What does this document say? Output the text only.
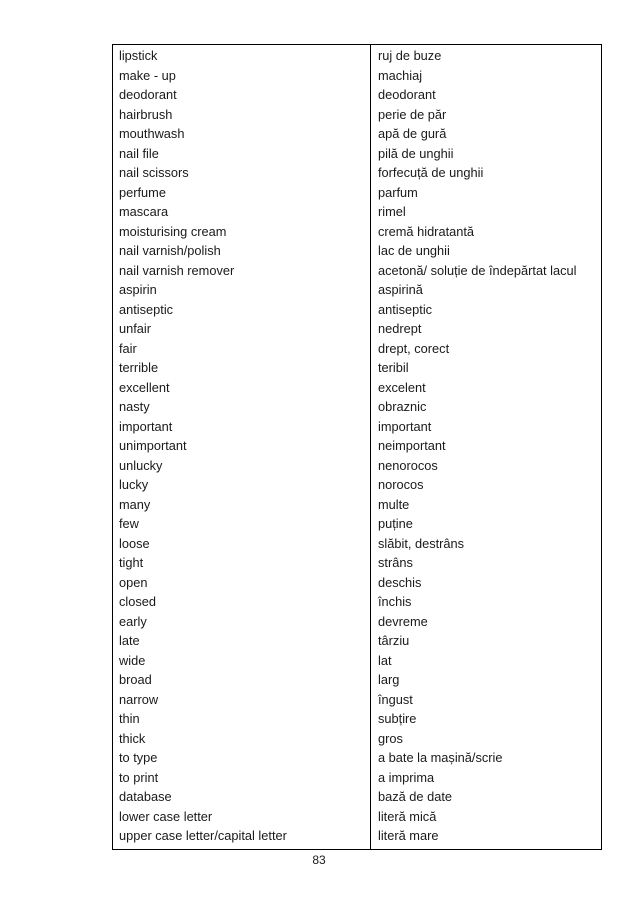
lipstick	ruj de buze
make - up	machiaj
deodorant	deodorant
hairbrush	perie de păr
mouthwash	apă de gură
nail file	pilă de unghii
nail scissors	forfecuță de unghii
perfume	parfum
mascara	rimel
moisturising cream	cremă hidratantă
nail varnish/polish	lac de unghii
nail varnish remover	acetonă/ soluție de îndepărtat lacul
aspirin	aspirină
antiseptic	antiseptic
unfair	nedrept
fair	drept, corect
terrible	teribil
excellent	excelent
nasty	obraznic
important	important
unimportant	neimportant
unlucky	nenorocos
lucky	norocos
many	multe
few	puține
loose	slăbit, destrâns
tight	strâns
open	deschis
closed	închis
early	devreme
late	târziu
wide	lat
broad	larg
narrow	îngust
thin	subțire
thick	gros
to type	a bate la mașină/scrie
to print	a imprima
database	bază de date
lower case letter	literă mică
upper case letter/capital letter	literă mare
83
